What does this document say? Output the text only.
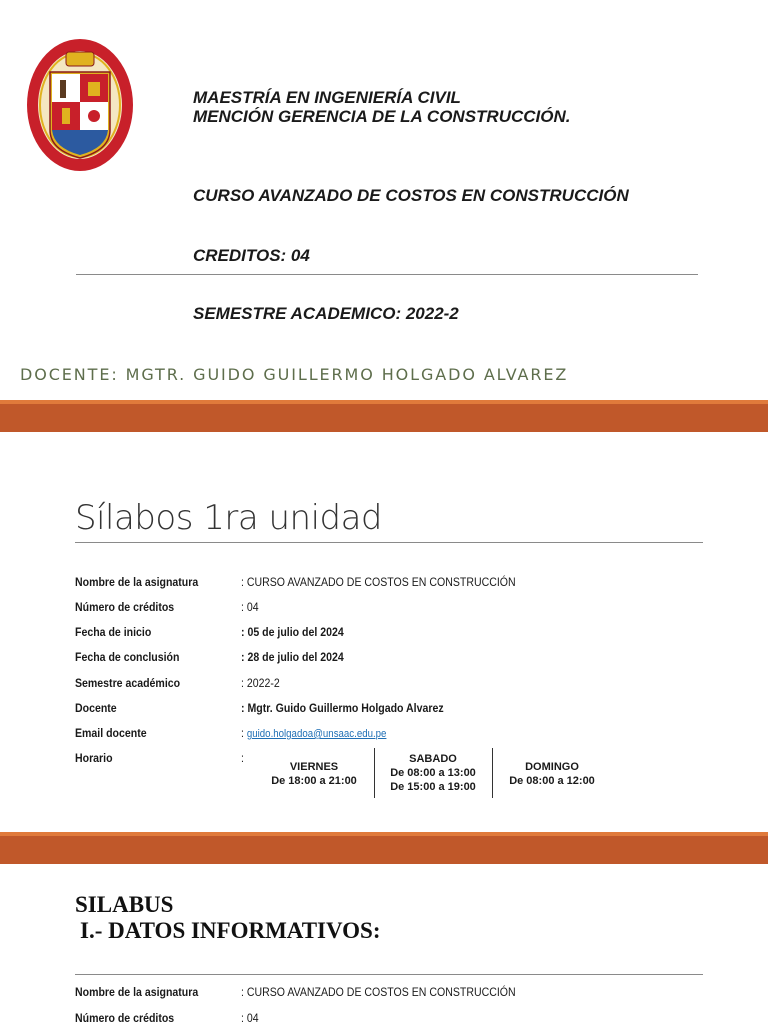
MAESTRÍA EN INGENIERÍA CIVIL
MENCIÓN GERENCIA DE LA CONSTRUCCIÓN.
CURSO AVANZADO DE COSTOS EN CONSTRUCCIÓN
CREDITOS: 04
SEMESTRE ACADEMICO: 2022-2
DOCENTE: MGTR. GUIDO GUILLERMO HOLGADO ALVAREZ
Sílabos 1ra unidad
Nombre de la asignatura	: CURSO AVANZADO DE COSTOS EN CONSTRUCCIÓN
Número de créditos	: 04
Fecha de inicio	: 05 de julio del 2024
Fecha de conclusión	: 28 de julio del 2024
Semestre académico	: 2022-2
Docente	: Mgtr. Guido Guillermo Holgado Alvarez
Email docente	: guido.holgadoa@unsaac.edu.pe
Horario	:
VIERNES
De 18:00 a 21:00
SABADO
De 08:00 a 13:00
De 15:00 a 19:00
DOMINGO
De 08:00 a 12:00
SILABUS
I.- DATOS INFORMATIVOS:
Nombre de la asignatura	: CURSO AVANZADO DE COSTOS EN CONSTRUCCIÓN
Número de créditos	: 04
